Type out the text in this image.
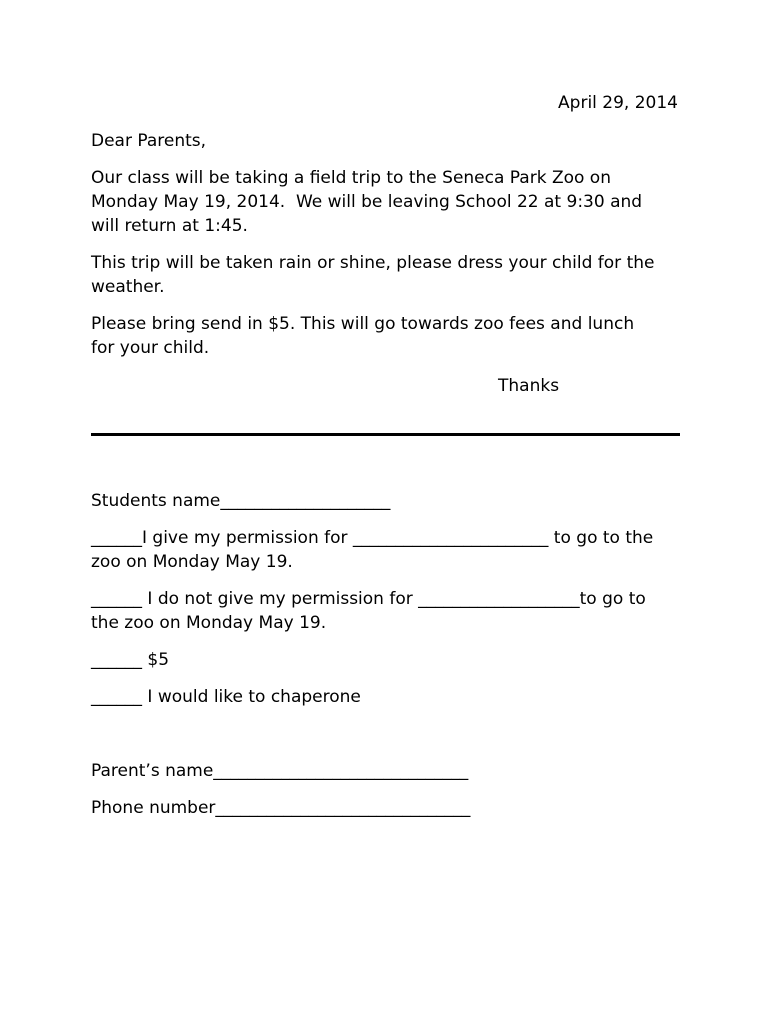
April 29, 2014
Dear Parents,
Our class will be taking a field trip to the Seneca Park Zoo on
Monday May 19, 2014.  We will be leaving School 22 at 9:30 and
will return at 1:45.
This trip will be taken rain or shine, please dress your child for the
weather.
Please bring send in $5. This will go towards zoo fees and lunch
for your child.
Thanks
Students name____________________
______I give my permission for _______________________ to go to the
zoo on Monday May 19.
______ I do not give my permission for ___________________to go to
the zoo on Monday May 19.
______ $5
______ I would like to chaperone
Parent’s name______________________________
Phone number______________________________
